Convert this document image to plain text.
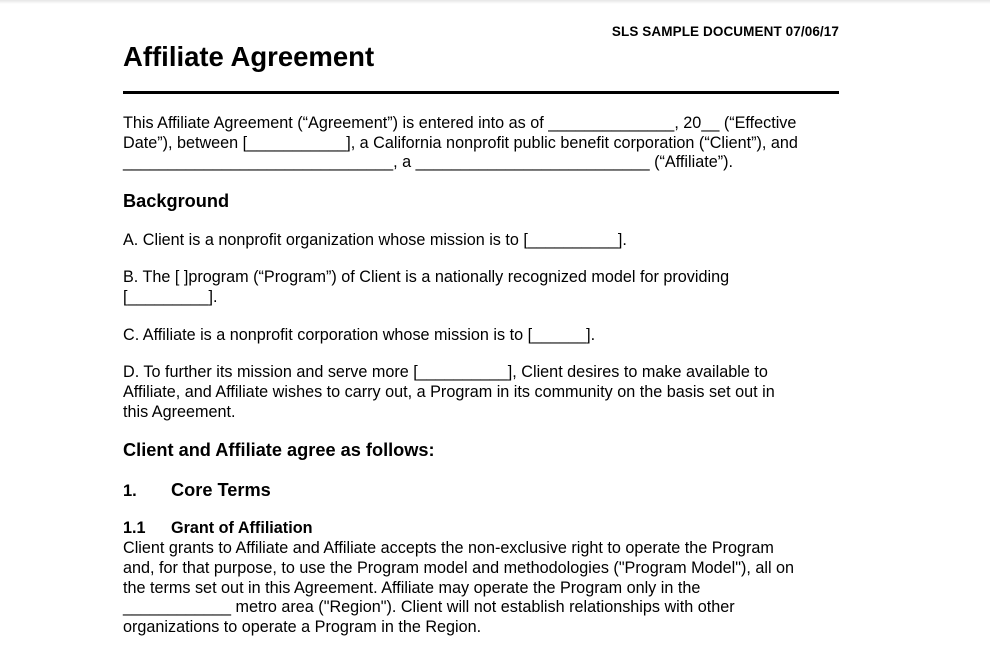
SLS SAMPLE DOCUMENT 07/06/17
Affiliate Agreement
This Affiliate Agreement (“Agreement”) is entered into as of ______________, 20__ (“Effective
Date”), between [___________], a California nonprofit public benefit corporation (“Client”), and
______________________________, a __________________________ (“Affiliate”).
Background
A. Client is a nonprofit organization whose mission is to [__________].
B. The [ ]program (“Program”) of Client is a nationally recognized model for providing
[_________].
C. Affiliate is a nonprofit corporation whose mission is to [______].
D. To further its mission and serve more [__________], Client desires to make available to
Affiliate, and Affiliate wishes to carry out, a Program in its community on the basis set out in
this Agreement.
Client and Affiliate agree as follows:
1. Core Terms
1.1 Grant of Affiliation
Client grants to Affiliate and Affiliate accepts the non-exclusive right to operate the Program
and, for that purpose, to use the Program model and methodologies ("Program Model"), all on
the terms set out in this Agreement. Affiliate may operate the Program only in the
____________ metro area ("Region"). Client will not establish relationships with other
organizations to operate a Program in the Region.
